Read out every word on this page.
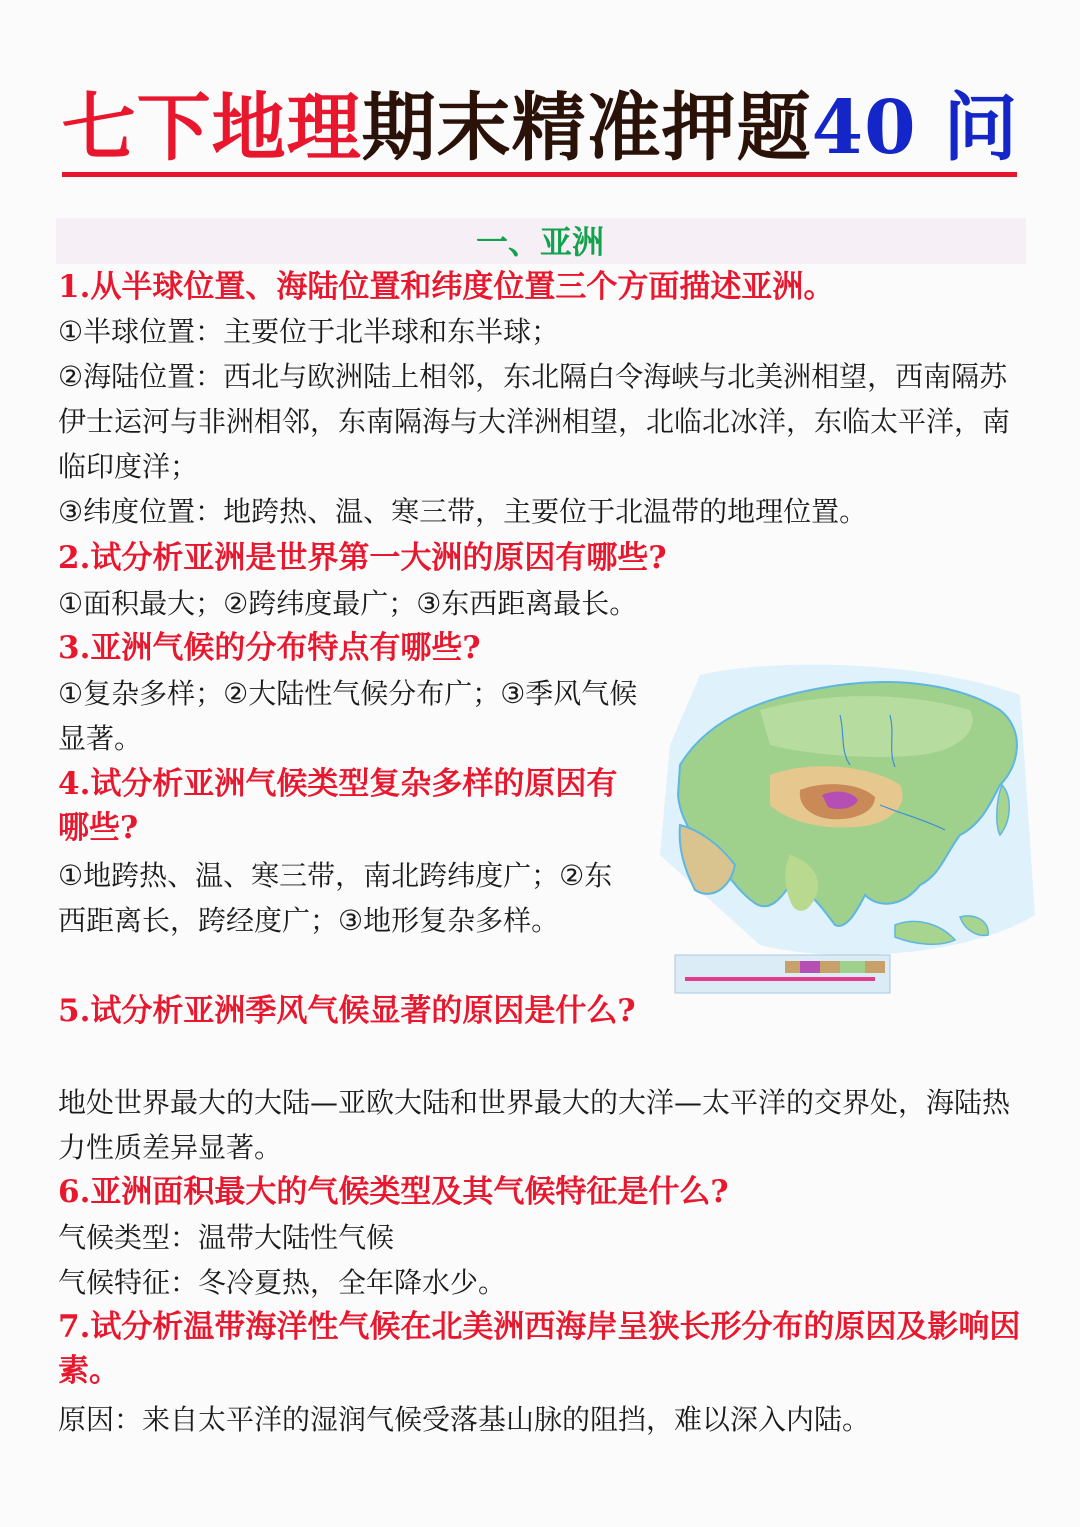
七下地理期末精准押题40 问
一、亚洲

1.从半球位置、海陆位置和纬度位置三个方面描述亚洲。

①半球位置：主要位于北半球和东半球；

②海陆位置：西北与欧洲陆上相邻，东北隔白令海峡与北美洲相望，西南隔苏伊士运河与非洲相邻，东南隔海与大洋洲相望，北临北冰洋，东临太平洋，南临印度洋；

③纬度位置：地跨热、温、寒三带，主要位于北温带的地理位置。

2.试分析亚洲是世界第一大洲的原因有哪些?

①面积最大；②跨纬度最广；③东西距离最长。

3.亚洲气候的分布特点有哪些?

①复杂多样；②大陆性气候分布广；③季风气候显著。

4.试分析亚洲气候类型复杂多样的原因有哪些?

①地跨热、温、寒三带，南北跨纬度广；②东西距离长，跨经度广；③地形复杂多样。

5.试分析亚洲季风气候显著的原因是什么?

地处世界最大的大陆—亚欧大陆和世界最大的大洋—太平洋的交界处，海陆热力性质差异显著。

6.亚洲面积最大的气候类型及其气候特征是什么?

气候类型：温带大陆性气候

气候特征：冬冷夏热，全年降水少。

7.试分析温带海洋性气候在北美洲西海岸呈狭长形分布的原因及影响因素。

原因：来自太平洋的湿润气候受落基山脉的阻挡，难以深入内陆。
